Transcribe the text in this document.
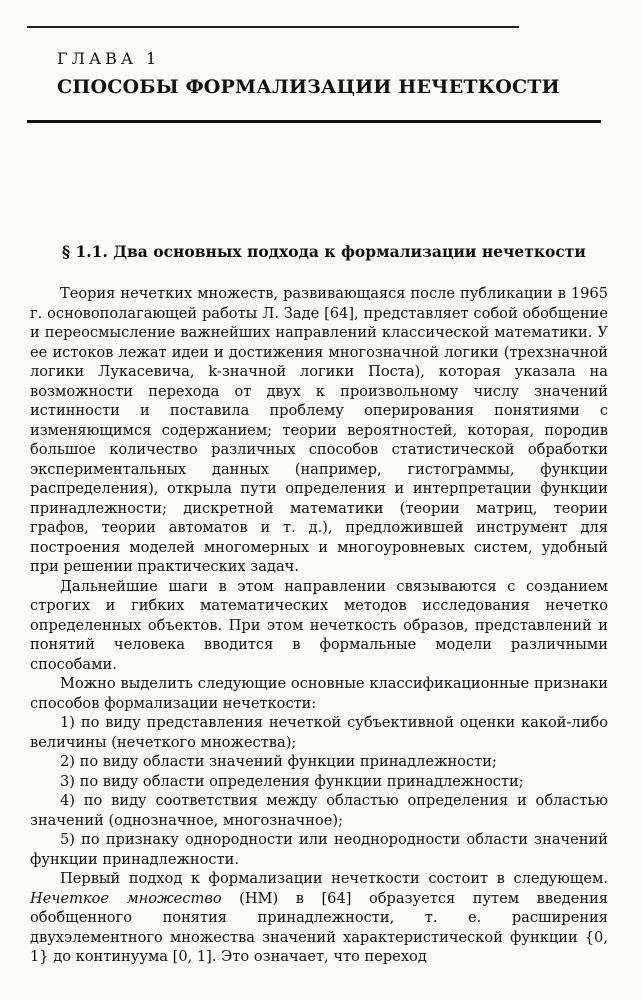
ГЛАВА 1
СПОСОБЫ ФОРМАЛИЗАЦИИ НЕЧЕТКОСТИ
§ 1.1. Два основных подхода к формализации нечеткости

Теория нечетких множеств, развивающаяся после публикации в 1965 г. основополагающей работы Л. Заде [64], представляет собой обобщение и переосмысление важнейших направлений классической математики. У ее истоков лежат идеи и достижения многозначной логики (трехзначной логики Лукасевича, k-значной логики Поста), которая указала на возможности перехода от двух к произвольному числу значений истинности и поставила проблему оперирования понятиями с изменяющимся содержанием; теории вероятностей, которая, породив большое количество различных способов статистической обработки экспериментальных данных (например, гистограммы, функции распределения), открыла пути определения и интерпретации функции принадлежности; дискретной математики (теории матриц, теории графов, теории автоматов и т. д.), предложившей инструмент для построения моделей многомерных и многоуровневых систем, удобный при решении практических задач.

Дальнейшие шаги в этом направлении связываются с созданием строгих и гибких математических методов исследования нечетко определенных объектов. При этом нечеткость образов, представлений и понятий человека вводится в формальные модели различными способами.

Можно выделить следующие основные классификационные признаки способов формализации нечеткости:

1) по виду представления нечеткой субъективной оценки какой-либо величины (нечеткого множества);

2) по виду области значений функции принадлежности;

3) по виду области определения функции принадлежности;

4) по виду соответствия между областью определения и областью значений (однозначное, многозначное);

5) по признаку однородности или неоднородности области значений функции принадлежности.

Первый подход к формализации нечеткости состоит в следующем. Нечеткое множество (НМ) в [64] образуется путем введения обобщенного понятия принадлежности, т. е. расширения двухэлементного множества значений характеристической функции {0, 1} до континуума [0, 1]. Это означает, что переход
